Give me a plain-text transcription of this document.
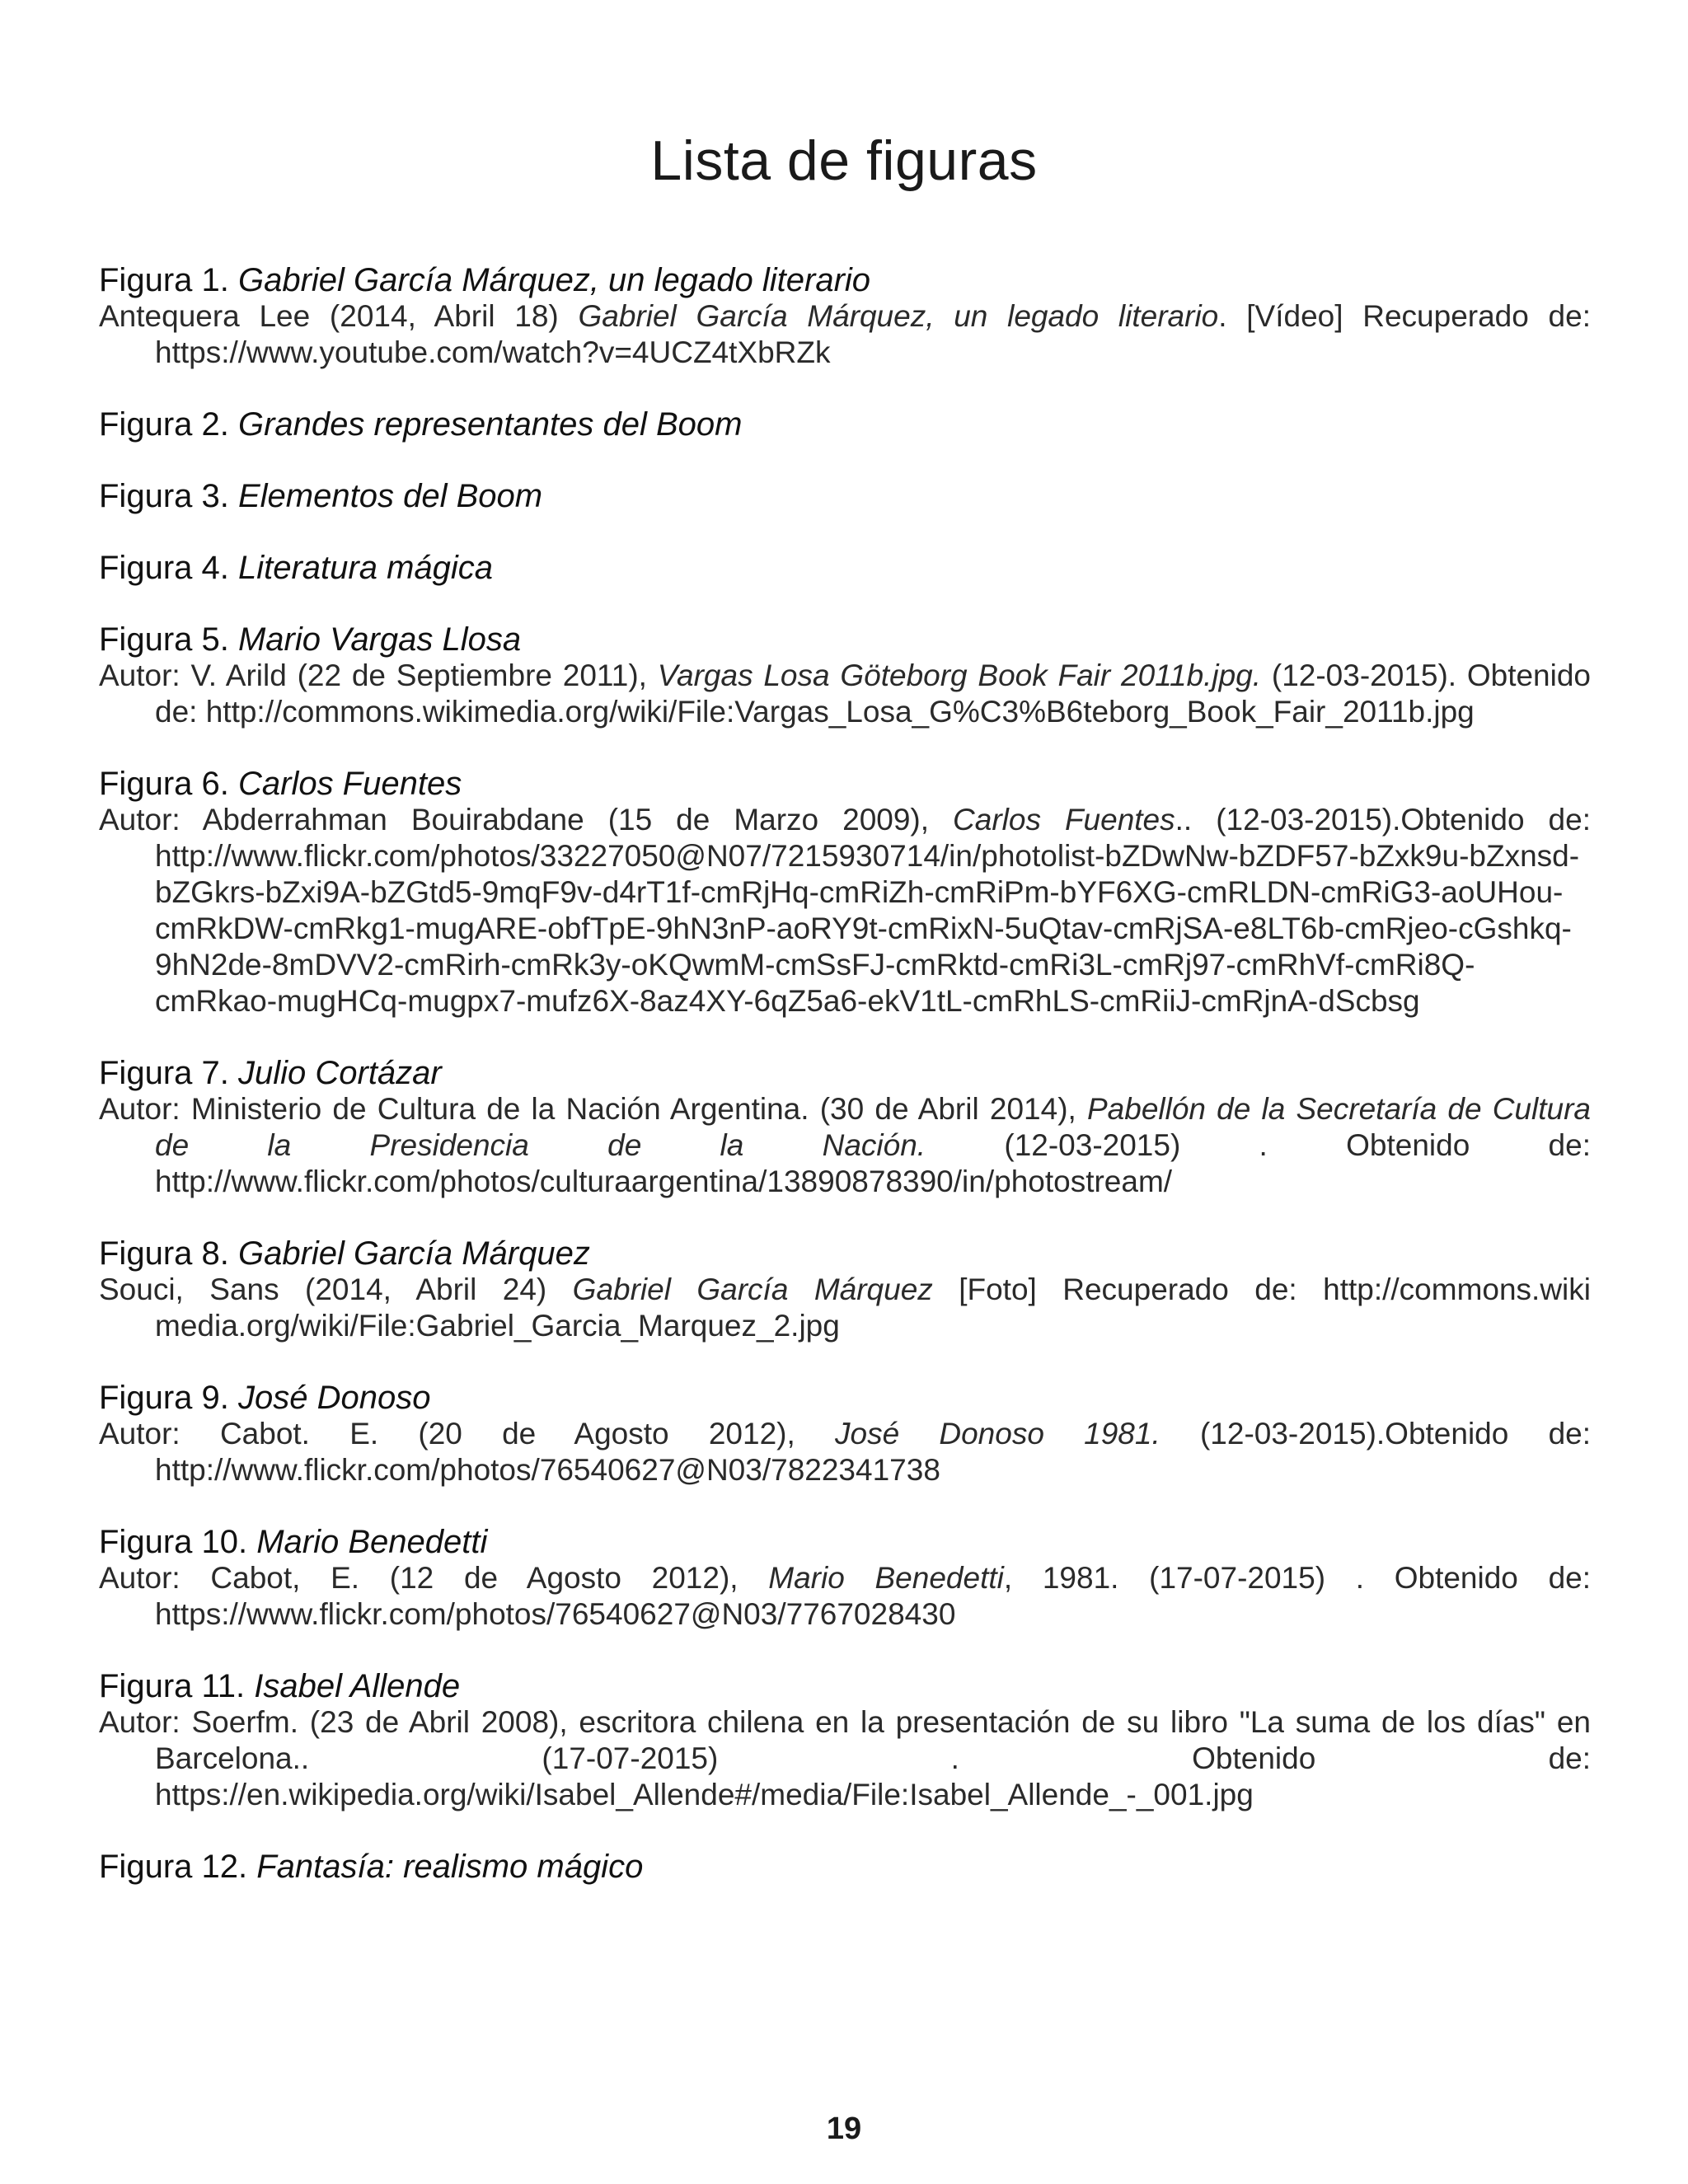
Lista de figuras
Figura 1. Gabriel García Márquez, un legado literario
Antequera Lee (2014, Abril 18) Gabriel García Márquez, un legado literario. [Vídeo] Recuperado de: https://www.youtube.com/watch?v=4UCZ4tXbRZk
Figura 2. Grandes representantes del Boom
Figura 3. Elementos del Boom
Figura 4. Literatura mágica
Figura 5. Mario Vargas Llosa
Autor: V. Arild (22 de Septiembre 2011), Vargas Losa Göteborg Book Fair 2011b.jpg. (12-03-2015). Obtenido de: http://commons.wikimedia.org/wiki/File:Vargas_Losa_G%C3%B6teborg_Book_Fair_2011b.jpg
Figura 6. Carlos Fuentes
Autor: Abderrahman Bouirabdane (15 de Marzo 2009), Carlos Fuentes.. (12-03-2015).Obtenido de: http://www.flickr.com/photos/33227050@N07/7215930714/in/photolist-bZDwNw-bZDF57-bZxk9u-bZxnsd-bZGkrs-bZxi9A-bZGtd5-9mqF9v-d4rT1f-cmRjHq-cmRiZh-cmRiPm-bYF6XG-cmRLDN-cmRiG3-aoUHou-cmRkDW-cmRkg1-mugARE-obfTpE-9hN3nP-aoRY9t-cmRixN-5uQtav-cmRjSA-e8LT6b-cmRjeo-cGshkq-9hN2de-8mDVV2-cmRirh-cmRk3y-oKQwmM-cmSsFJ-cmRktd-cmRi3L-cmRj97-cmRhVf-cmRi8Q-cmRkao-mugHCq-mugpx7-mufz6X-8az4XY-6qZ5a6-ekV1tL-cmRhLS-cmRiiJ-cmRjnA-dScbsg
Figura 7. Julio Cortázar
Autor: Ministerio de Cultura de la Nación Argentina. (30 de Abril 2014), Pabellón de la Secretaría de Cultura de la Presidencia de la Nación. (12-03-2015) . Obtenido de: http://www.flickr.com/photos/culturaargentina/13890878390/in/photostream/
Figura 8. Gabriel García Márquez
Souci, Sans (2014, Abril 24) Gabriel García Márquez [Foto] Recuperado de: http://commons.wiki media.org/wiki/File:Gabriel_Garcia_Marquez_2.jpg
Figura 9. José Donoso
Autor: Cabot. E. (20 de Agosto 2012), José Donoso 1981. (12-03-2015).Obtenido de: http://www.flickr.com/photos/76540627@N03/7822341738
Figura 10. Mario Benedetti
Autor: Cabot, E. (12 de Agosto 2012), Mario Benedetti, 1981. (17-07-2015) . Obtenido de: https://www.flickr.com/photos/76540627@N03/7767028430
Figura 11. Isabel Allende
Autor: Soerfm. (23 de Abril 2008), escritora chilena en la presentación de su libro "La suma de los días" en Barcelona.. (17-07-2015) . Obtenido de: https://en.wikipedia.org/wiki/Isabel_Allende#/media/File:Isabel_Allende_-_001.jpg
Figura 12. Fantasía: realismo mágico
19
